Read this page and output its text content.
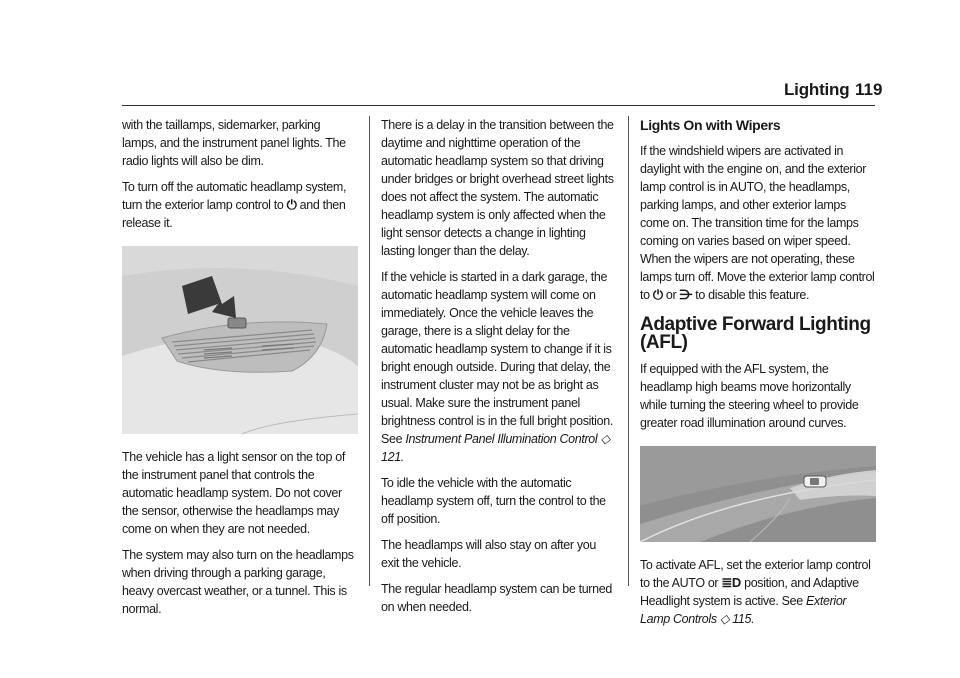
Lighting 119

with the taillamps, sidemarker, parking lamps, and the instrument panel lights. The radio lights will also be dim.

To turn off the automatic headlamp system, turn the exterior lamp control to ⏻ and then release it.

The vehicle has a light sensor on the top of the instrument panel that controls the automatic headlamp system. Do not cover the sensor, otherwise the headlamps may come on when they are not needed.

The system may also turn on the headlamps when driving through a parking garage, heavy overcast weather, or a tunnel. This is normal.

There is a delay in the transition between the daytime and nighttime operation of the automatic headlamp system so that driving under bridges or bright overhead street lights does not affect the system. The automatic headlamp system is only affected when the light sensor detects a change in lighting lasting longer than the delay.

If the vehicle is started in a dark garage, the automatic headlamp system will come on immediately. Once the vehicle leaves the garage, there is a slight delay for the automatic headlamp system to change if it is bright enough outside. During that delay, the instrument cluster may not be as bright as usual. Make sure the instrument panel brightness control is in the full bright position. See Instrument Panel Illumination Control ◇ 121.

To idle the vehicle with the automatic headlamp system off, turn the control to the off position.

The headlamps will also stay on after you exit the vehicle.

The regular headlamp system can be turned on when needed.

Lights On with Wipers

If the windshield wipers are activated in daylight with the engine on, and the exterior lamp control is in AUTO, the headlamps, parking lamps, and other exterior lamps come on. The transition time for the lamps coming on varies based on wiper speed. When the wipers are not operating, these lamps turn off. Move the exterior lamp control to ⏻ or ⋺ to disable this feature.

Adaptive Forward Lighting (AFL)

If equipped with the AFL system, the headlamp high beams move horizontally while turning the steering wheel to provide greater road illumination around curves.

To activate AFL, set the exterior lamp control to the AUTO or ≣D position, and Adaptive Headlight system is active. See Exterior Lamp Controls ◇ 115.
